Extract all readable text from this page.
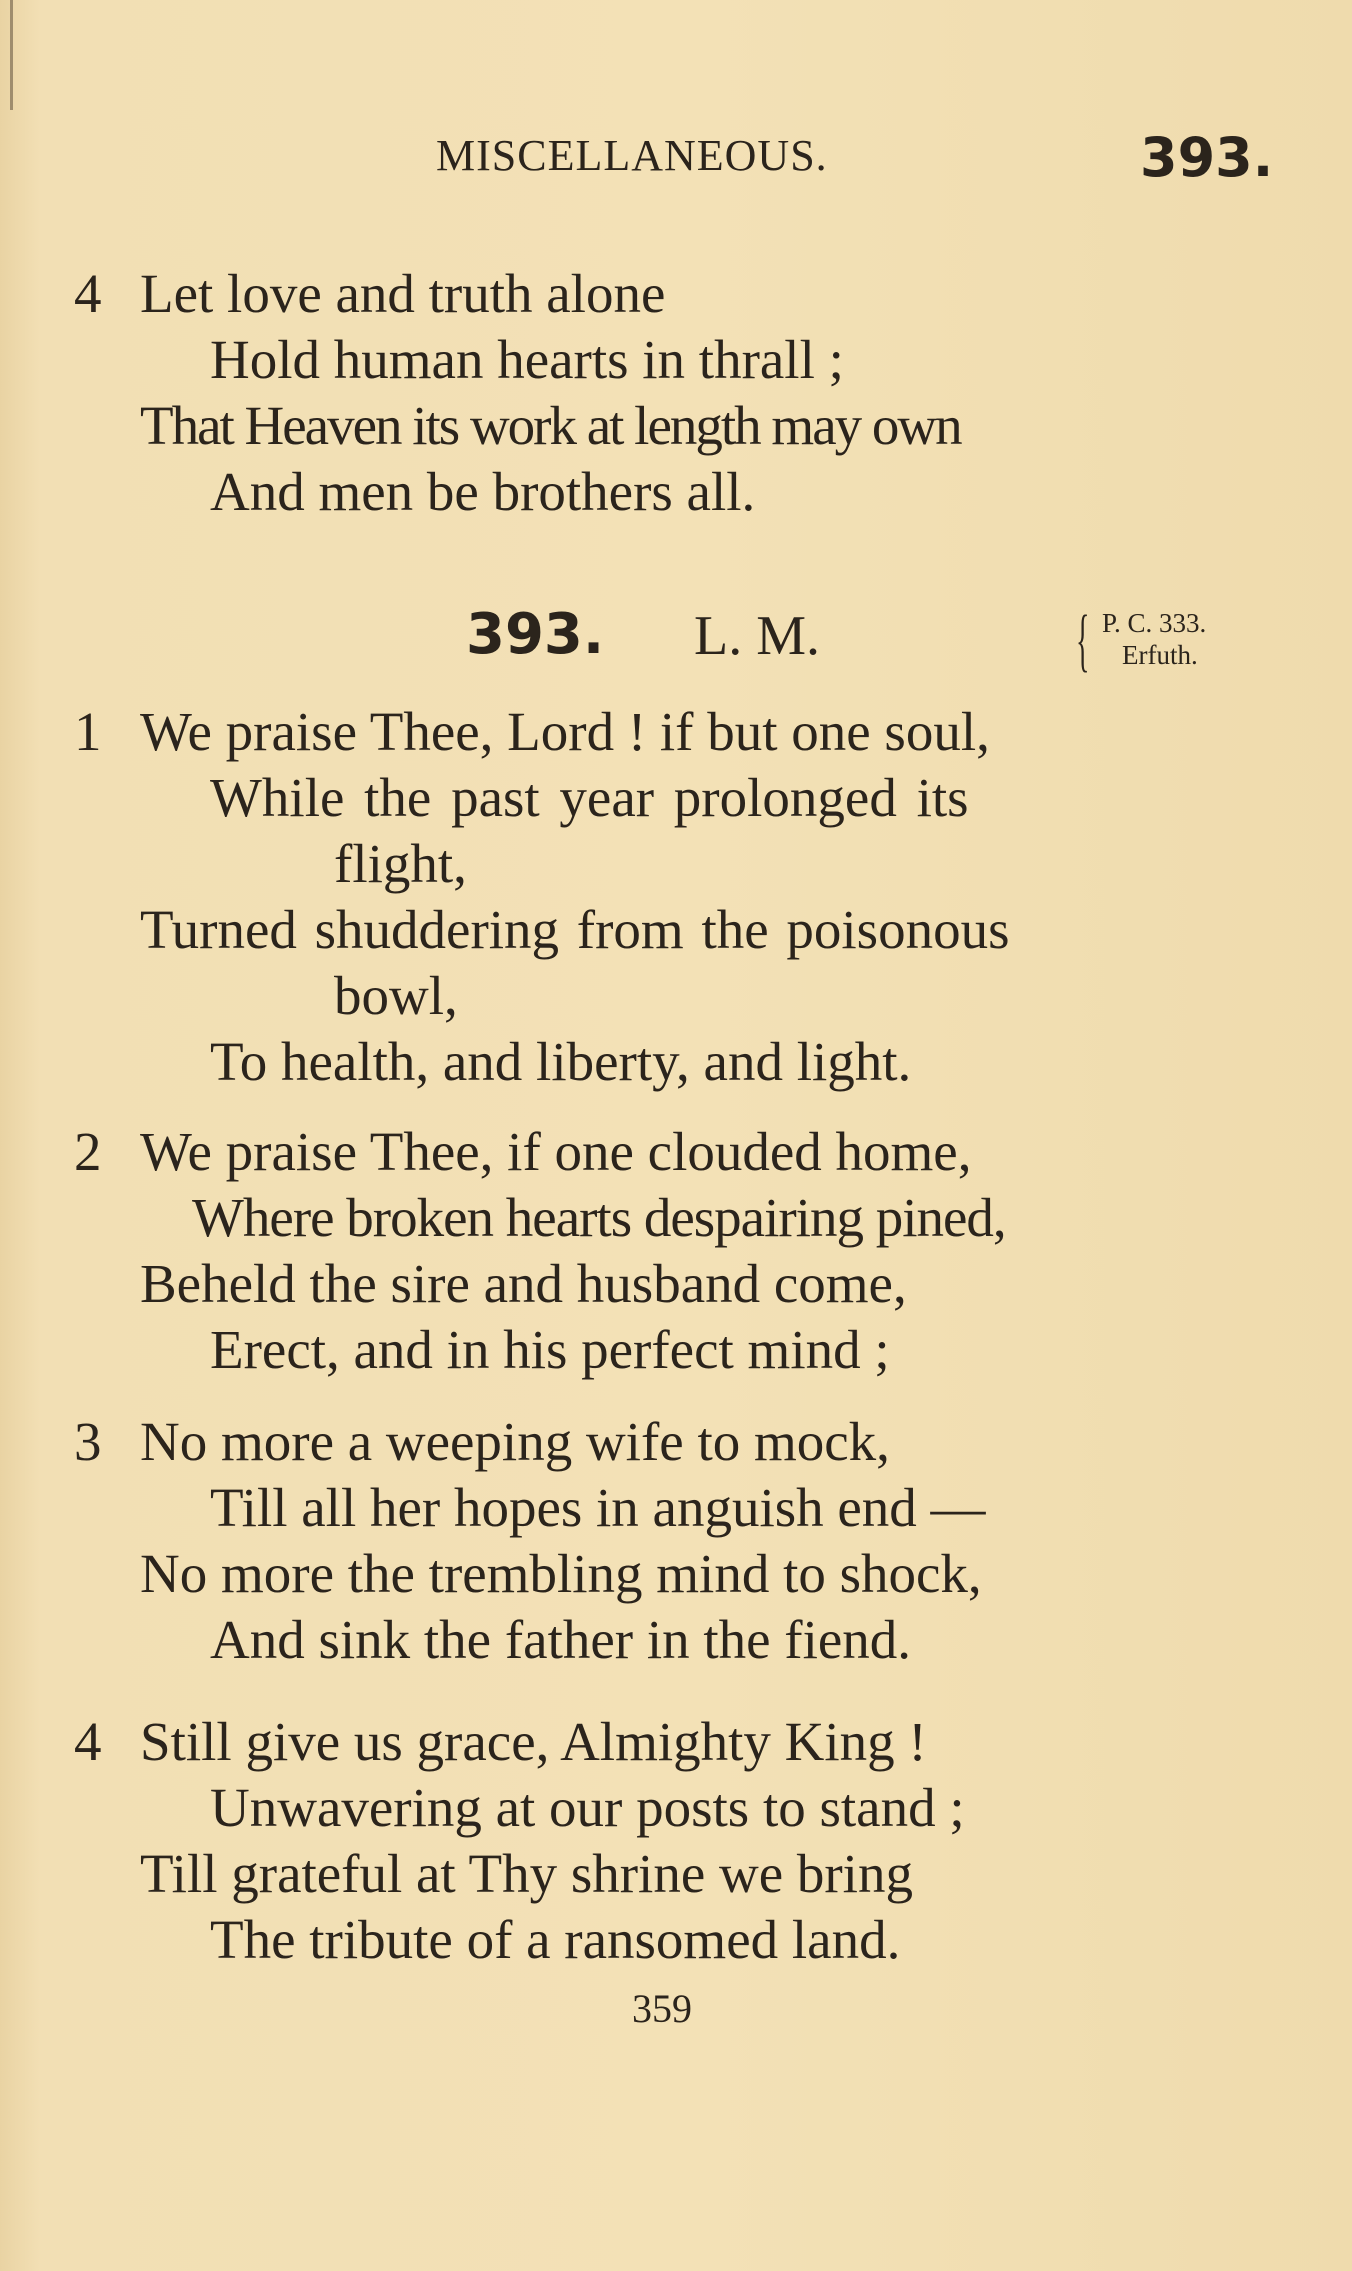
MISCELLANEOUS.	393.
4 Let love and truth alone
Hold human hearts in thrall ;
That Heaven its work at length may own
And men be brothers all.
393. L. M.	{ P. C. 333.
Erfuth.
1 We praise Thee, Lord ! if but one soul,
While the past year prolonged its
flight,
Turned shuddering from the poisonous
bowl,
To health, and liberty, and light.
2 We praise Thee, if one clouded home,
Where broken hearts despairing pined,
Beheld the sire and husband come,
Erect, and in his perfect mind ;
3 No more a weeping wife to mock,
Till all her hopes in anguish end —
No more the trembling mind to shock,
And sink the father in the fiend.
4 Still give us grace, Almighty King !
Unwavering at our posts to stand ;
Till grateful at Thy shrine we bring
The tribute of a ransomed land.
359
